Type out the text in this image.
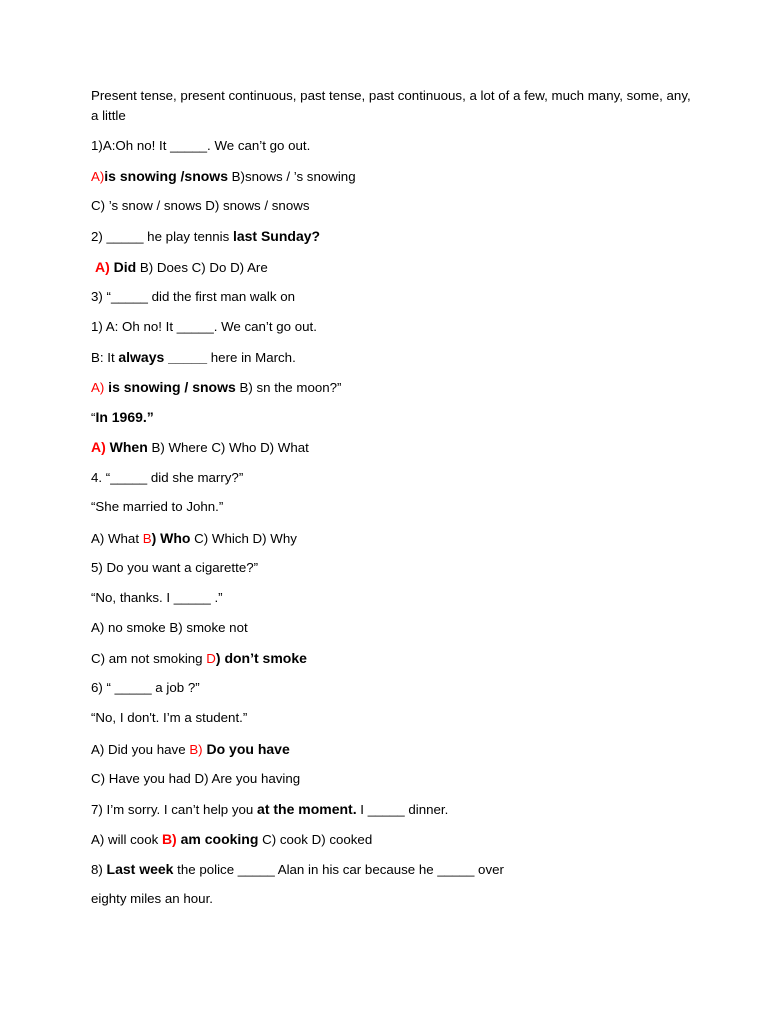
Present tense, present continuous, past tense, past continuous, a lot of a few, much many, some, any, a little
1)A:Oh no! It _____. We can’t go out.
A)is snowing /snows B)snows / ’s snowing
C) ’s snow / snows D) snows / snows
2) _____ he play tennis last Sunday?
A) Did B) Does C) Do D) Are
3) “_____ did the first man walk on
1) A: Oh no! It _____. We can’t go out.
B: It always _____ here in March.
A) is snowing / snows B) sn the moon?”
“In 1969.”
A) When B) Where C) Who D) What
4. “_____ did she marry?”
“She married to John.”
A) What B) Who C) Which D) Why
5) Do you want a cigarette?”
“No, thanks. I _____ .”
A) no smoke B) smoke not
C) am not smoking D) don’t smoke
6) “ _____ a job ?”
“No, I don't. I’m a student.”
A) Did you have B) Do you have
C) Have you had D) Are you having
7) I’m sorry. I can’t help you at the moment. I _____ dinner.
A) will cook B) am cooking C) cook D) cooked
8) Last week the police _____ Alan in his car because he _____ over
eighty miles an hour.
